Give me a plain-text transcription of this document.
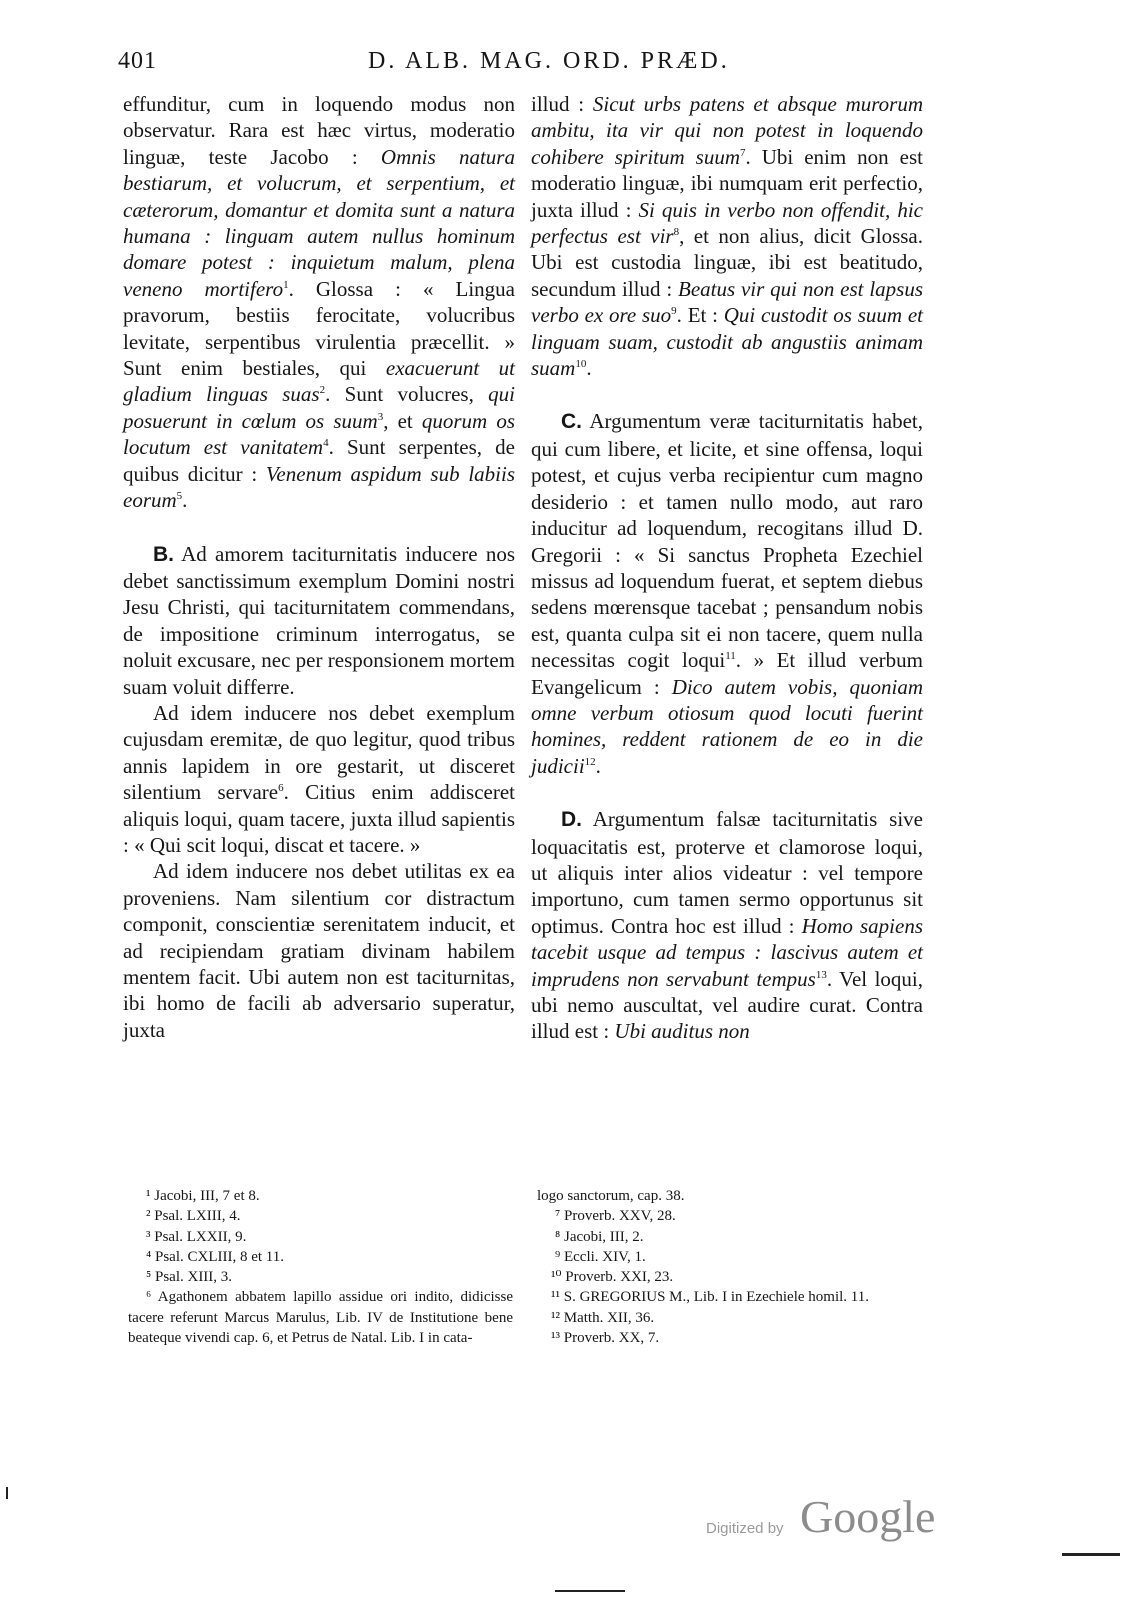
401	D. ALB. MAG. ORD. PRÆD.

effunditur, cum in loquendo modus non observatur. Rara est hæc virtus, moderatio linguæ, teste Jacobo : Omnis natura bestiarum, et volucrum, et serpentium, et cæterorum, domantur et domita sunt a natura humana : linguam autem nullus hominum domare potest : inquietum malum, plena veneno mortifero$^1$. Glossa : « Lingua pravorum, bestiis ferocitate, volucribus levitate, serpentibus virulentia præcellit. » Sunt enim bestiales, qui exacuerunt ut gladium linguas suas$^2$. Sunt volucres, qui posuerunt in cœlum os suum$^3$, et quorum os locutum est vanitatem$^4$. Sunt serpentes, de quibus dicitur : Venenum aspidum sub labiis eorum$^5$.

B. Ad amorem taciturnitatis inducere nos debet sanctissimum exemplum Domini nostri Jesu Christi, qui taciturnitatem commendans, de impositione criminum interrogatus, se noluit excusare, nec per responsionem mortem suam voluit differre.

Ad idem inducere nos debet exemplum cujusdam eremitæ, de quo legitur, quod tribus annis lapidem in ore gestarit, ut disceret silentium servare$^6$. Citius enim addisceret aliquis loqui, quam tacere, juxta illud sapientis : « Qui scit loqui, discat et tacere. »

Ad idem inducere nos debet utilitas ex ea proveniens. Nam silentium cor distractum componit, conscientiæ serenitatem inducit, et ad recipiendam gratiam divinam habilem mentem facit. Ubi autem non est taciturnitas, ibi homo de facili ab adversario superatur, juxta

illud : Sicut urbs patens et absque murorum ambitu, ita vir qui non potest in loquendo cohibere spiritum suum$^7$. Ubi enim non est moderatio linguæ, ibi numquam erit perfectio, juxta illud : Si quis in verbo non offendit, hic perfectus est vir$^8$, et non alius, dicit Glossa. Ubi est custodia linguæ, ibi est beatitudo, secundum illud : Beatus vir qui non est lapsus verbo ex ore suo$^9$. Et : Qui custodit os suum et linguam suam, custodit ab angustiis animam suam$^{10}$.

C. Argumentum veræ taciturnitatis habet, qui cum libere, et licite, et sine offensa, loqui potest, et cujus verba recipientur cum magno desiderio : et tamen nullo modo, aut raro inducitur ad loquendum, recogitans illud D. Gregorii : « Si sanctus Propheta Ezechiel missus ad loquendum fuerat, et septem diebus sedens mœrensque tacebat ; pensandum nobis est, quanta culpa sit ei non tacere, quem nulla necessitas cogit loqui$^{11}$. » Et illud verbum Evangelicum : Dico autem vobis, quoniam omne verbum otiosum quod locuti fuerint homines, reddent rationem de eo in die judicii$^{12}$.

D. Argumentum falsæ taciturnitatis sive loquacitatis est, proterve et clamorose loqui, ut aliquis inter alios videatur : vel tempore importuno, cum tamen sermo opportunus sit optimus. Contra hoc est illud : Homo sapiens tacebit usque ad tempus : lascivus autem et imprudens non servabunt tempus$^{13}$. Vel loqui, ubi nemo auscultat, vel audire curat. Contra illud est : Ubi auditus non

¹ Jacobi, III, 7 et 8.

² Psal. LXIII, 4.

³ Psal. LXXII, 9.

⁴ Psal. CXLIII, 8 et 11.

⁵ Psal. XIII, 3.

⁶ Agathonem abbatem lapillo assidue ori indito, didicisse tacere referunt Marcus Marulus, Lib. IV de Institutione bene beateque vivendi cap. 6, et Petrus de Natal. Lib. I in cata-

logo sanctorum, cap. 38.

⁷ Proverb. XXV, 28.

⁸ Jacobi, III, 2.

⁹ Eccli. XIV, 1.

¹⁰ Proverb. XXI, 23.

¹¹ S. GREGORIUS M., Lib. I in Ezechiele homil. 11.

¹² Matth. XII, 36.

¹³ Proverb. XX, 7.

Digitized by Google
